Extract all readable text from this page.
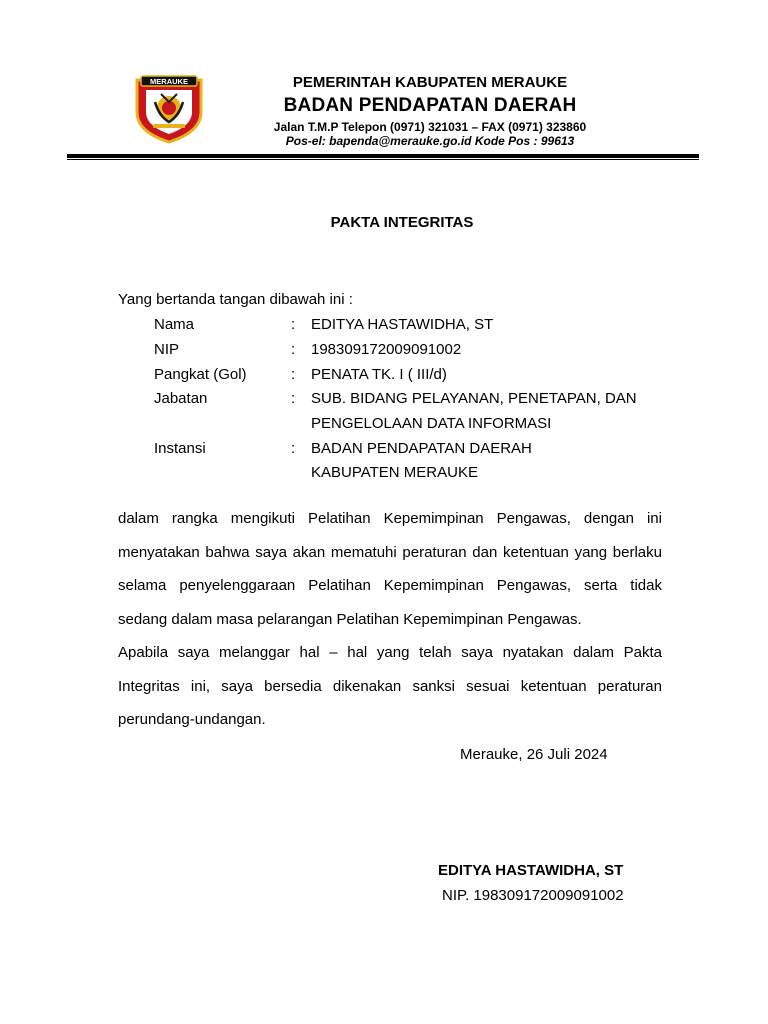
MERAUKE	PEMERINTAH KABUPATEN MERAUKE
BADAN PENDAPATAN DAERAH
Jalan T.M.P Telepon (0971) 321031 – FAX (0971) 323860
Pos-el: bapenda@merauke.go.id Kode Pos : 99613
PAKTA INTEGRITAS
Yang bertanda tangan dibawah ini :
Nama	: EDITYA HASTAWIDHA, ST
NIP	: 198309172009091002
Pangkat (Gol)	: PENATA TK. I ( III/d)
Jabatan	: SUB. BIDANG PELAYANAN, PENETAPAN, DAN
PENGELOLAAN DATA INFORMASI
Instansi	: BADAN PENDAPATAN DAERAH
KABUPATEN MERAUKE
dalam rangka mengikuti Pelatihan Kepemimpinan Pengawas, dengan ini menyatakan bahwa saya akan mematuhi peraturan dan ketentuan yang berlaku selama penyelenggaraan Pelatihan Kepemimpinan Pengawas, serta tidak sedang dalam masa pelarangan Pelatihan Kepemimpinan Pengawas.
Apabila saya melanggar hal – hal yang telah saya nyatakan dalam Pakta Integritas ini, saya bersedia dikenakan sanksi sesuai ketentuan peraturan perundang-undangan.
Merauke, 26 Juli 2024
EDITYA HASTAWIDHA, ST
NIP. 198309172009091002
